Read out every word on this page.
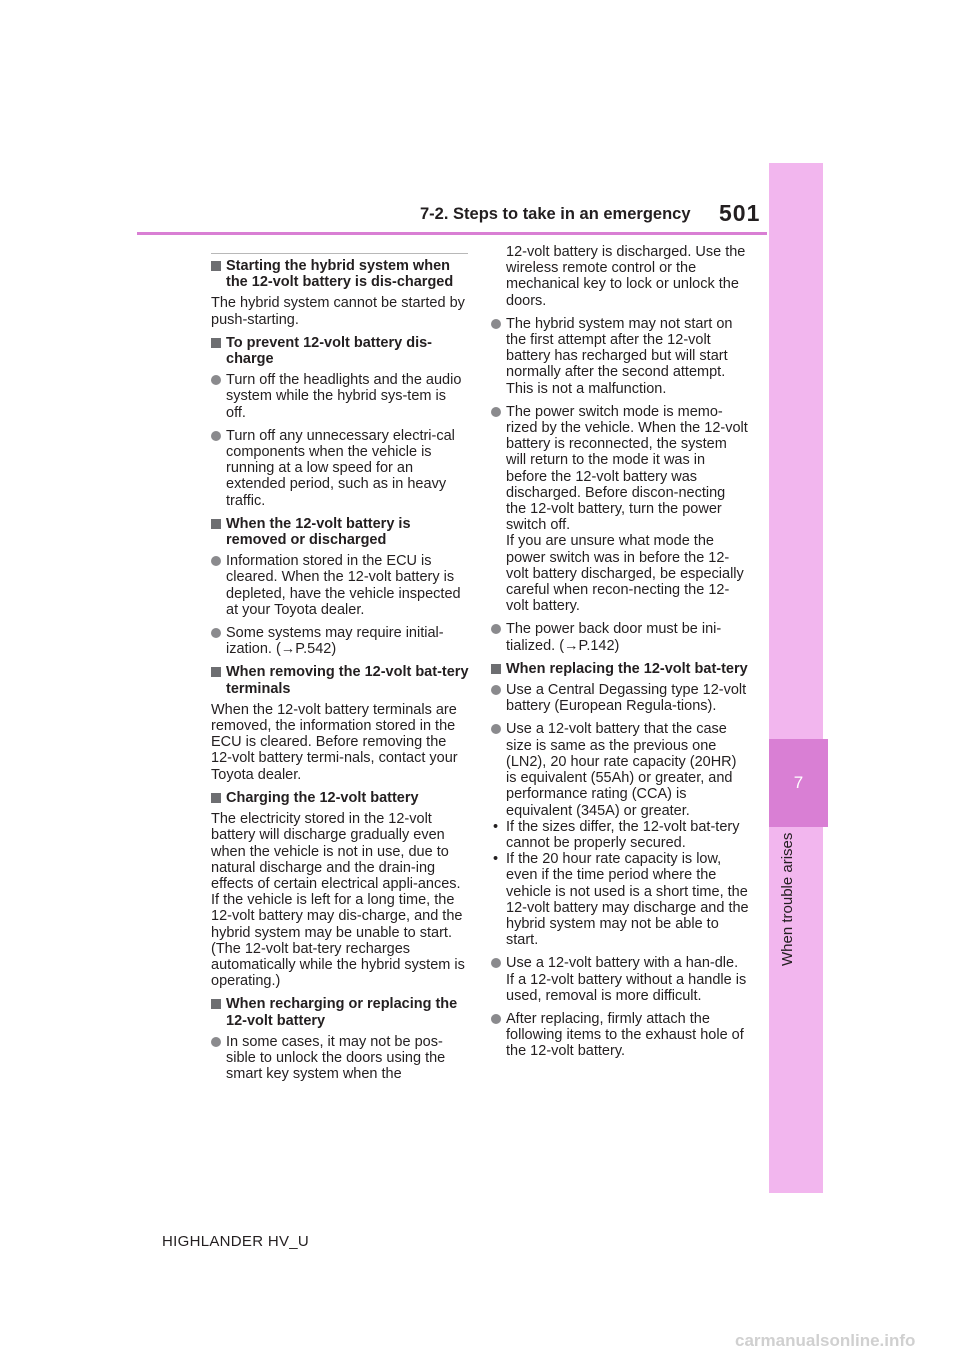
7-2. Steps to take in an emergency 501
7
When trouble arises
Starting the hybrid system when the 12-volt battery is dis-charged
The hybrid system cannot be started by push-starting.
To prevent 12-volt battery dis-charge
Turn off the headlights and the audio system while the hybrid sys-tem is off.
Turn off any unnecessary electri-cal components when the vehicle is running at a low speed for an extended period, such as in heavy traffic.
When the 12-volt battery is removed or discharged
Information stored in the ECU is cleared. When the 12-volt battery is depleted, have the vehicle inspected at your Toyota dealer.
Some systems may require initial-ization. (→P.542)
When removing the 12-volt bat-tery terminals
When the 12-volt battery terminals are removed, the information stored in the ECU is cleared. Before removing the 12-volt battery termi-nals, contact your Toyota dealer.
Charging the 12-volt battery
The electricity stored in the 12-volt battery will discharge gradually even when the vehicle is not in use, due to natural discharge and the drain-ing effects of certain electrical appli-ances. If the vehicle is left for a long time, the 12-volt battery may dis-charge, and the hybrid system may be unable to start. (The 12-volt bat-tery recharges automatically while the hybrid system is operating.)
When recharging or replacing the 12-volt battery
In some cases, it may not be pos-sible to unlock the doors using the smart key system when the
12-volt battery is discharged. Use the wireless remote control or the mechanical key to lock or unlock the doors.
The hybrid system may not start on the first attempt after the 12-volt battery has recharged but will start normally after the second attempt. This is not a malfunction.
The power switch mode is memo-rized by the vehicle. When the 12-volt battery is reconnected, the system will return to the mode it was in before the 12-volt battery was discharged. Before discon-necting the 12-volt battery, turn the power switch off.
If you are unsure what mode the power switch was in before the 12-volt battery discharged, be especially careful when recon-necting the 12-volt battery.
The power back door must be ini-tialized. (→P.142)
When replacing the 12-volt bat-tery
Use a Central Degassing type 12-volt battery (European Regula-tions).
Use a 12-volt battery that the case size is same as the previous one (LN2), 20 hour rate capacity (20HR) is equivalent (55Ah) or greater, and performance rating (CCA) is equivalent (345A) or greater.
• If the sizes differ, the 12-volt bat-tery cannot be properly secured.
• If the 20 hour rate capacity is low, even if the time period where the vehicle is not used is a short time, the 12-volt battery may discharge and the hybrid system may not be able to start.
Use a 12-volt battery with a han-dle. If a 12-volt battery without a handle is used, removal is more difficult.
After replacing, firmly attach the following items to the exhaust hole of the 12-volt battery.
HIGHLANDER HV_U
carmanualsonline.info
